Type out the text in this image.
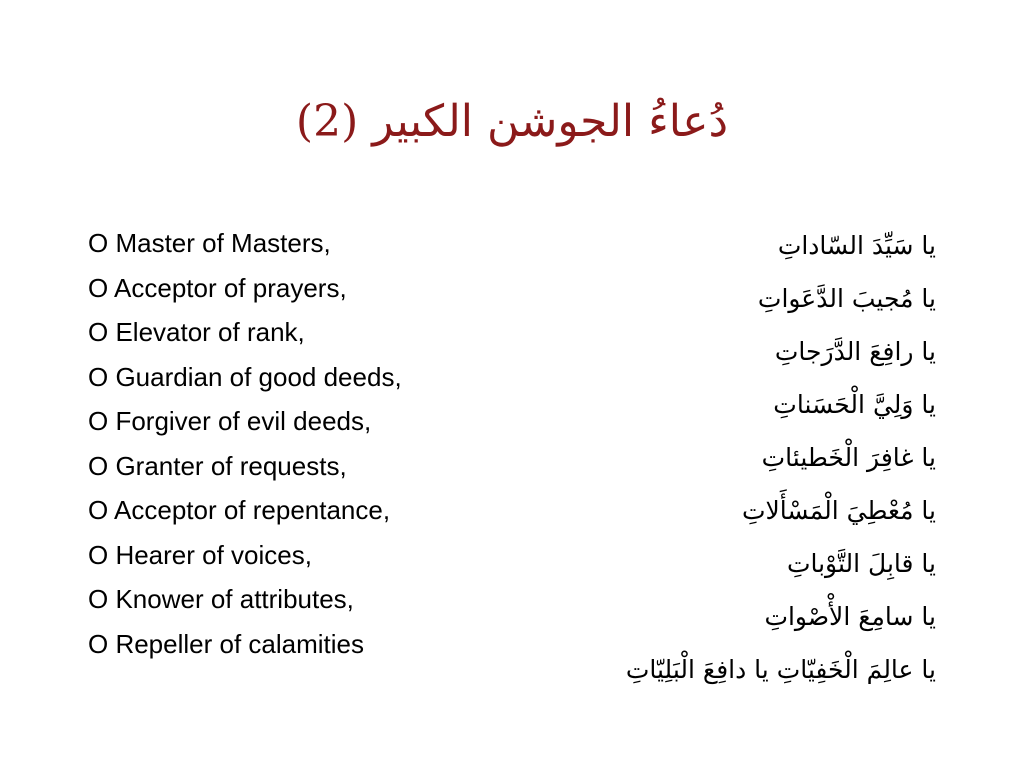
دُعاءُ الجوشن الكبير (2)
O Master of Masters,
O Acceptor of prayers,
O Elevator of rank,
O Guardian of good deeds,
O Forgiver of evil deeds,
O Granter of requests,
O Acceptor of repentance,
O Hearer of voices,
O Knower of attributes,
O Repeller of calamities
يا سَيِّدَ السّاداتِ
يا مُجيبَ الدَّعَواتِ
يا رافِعَ الدَّرَجاتِ
يا وَلِيَّ الْحَسَناتِ
يا غافِرَ الْخَطيئاتِ
يا مُعْطِيَ الْمَسْأَلاتِ
يا قابِلَ التَّوْباتِ
يا سامِعَ الأْصْواتِ
يا عالِمَ الْخَفِيّاتِ يا دافِعَ الْبَلِيّاتِ
